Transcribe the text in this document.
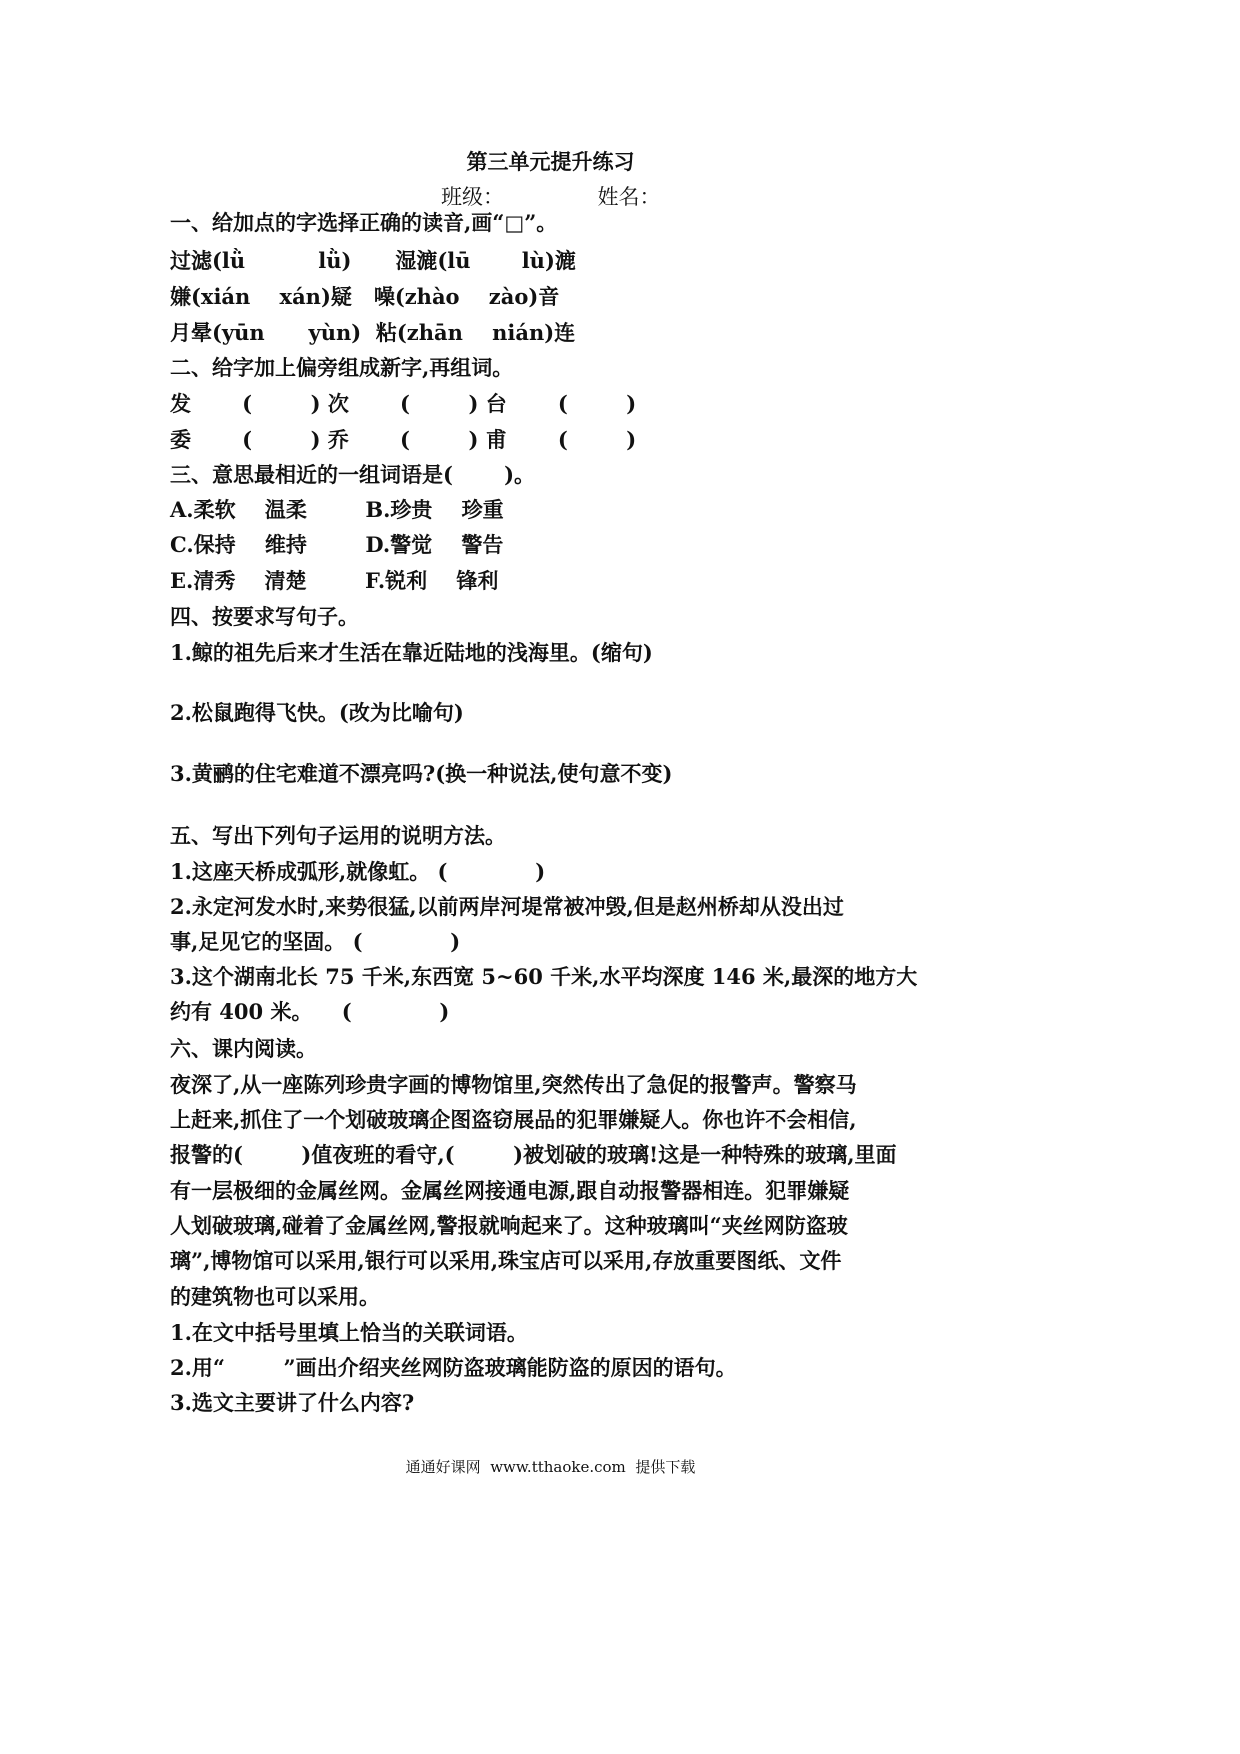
第三单元提升练习
班级：              姓名：
一、给加点的字选择正确的读音,画“□”。
过滤(lǜ          lǜ)      湿漉(lū       lù)漉
嫌(xián    xán)疑   噪(zhào    zào)音
月晕(yūn      yùn)  粘(zhān    nián)连
二、给字加上偏旁组成新字,再组词。
发       (        ) 次       (        ) 台       (        )
委       (        ) 乔       (        ) 甫       (        )
三、意思最相近的一组词语是(       )。
A.柔软    温柔        B.珍贵    珍重
C.保持    维持        D.警觉    警告
E.清秀    清楚        F.锐利    锋利
四、按要求写句子。
1.鲸的祖先后来才生活在靠近陆地的浅海里。(缩句)
2.松鼠跑得飞快。(改为比喻句)
3.黄鹂的住宅难道不漂亮吗?(换一种说法,使句意不变)
五、写出下列句子运用的说明方法。
1.这座天桥成弧形,就像虹。 (            )
2.永定河发水时,来势很猛,以前两岸河堤常被冲毁,但是赵州桥却从没出过
事,足见它的坚固。 (            )
3.这个湖南北长 75 千米,东西宽 5~60 千米,水平均深度 146 米,最深的地方大
约有 400 米。    (            )
六、课内阅读。
夜深了,从一座陈列珍贵字画的博物馆里,突然传出了急促的报警声。警察马
上赶来,抓住了一个划破玻璃企图盗窃展品的犯罪嫌疑人。你也许不会相信,
报警的(        )值夜班的看守,(        )被划破的玻璃!这是一种特殊的玻璃,里面
有一层极细的金属丝网。金属丝网接通电源,跟自动报警器相连。犯罪嫌疑
人划破玻璃,碰着了金属丝网,警报就响起来了。这种玻璃叫“夹丝网防盗玻
璃”,博物馆可以采用,银行可以采用,珠宝店可以采用,存放重要图纸、文件
的建筑物也可以采用。
1.在文中括号里填上恰当的关联词语。
2.用“        ”画出介绍夹丝网防盗玻璃能防盗的原因的语句。
3.选文主要讲了什么内容?
通通好课网  www.tthaoke.com  提供下载
